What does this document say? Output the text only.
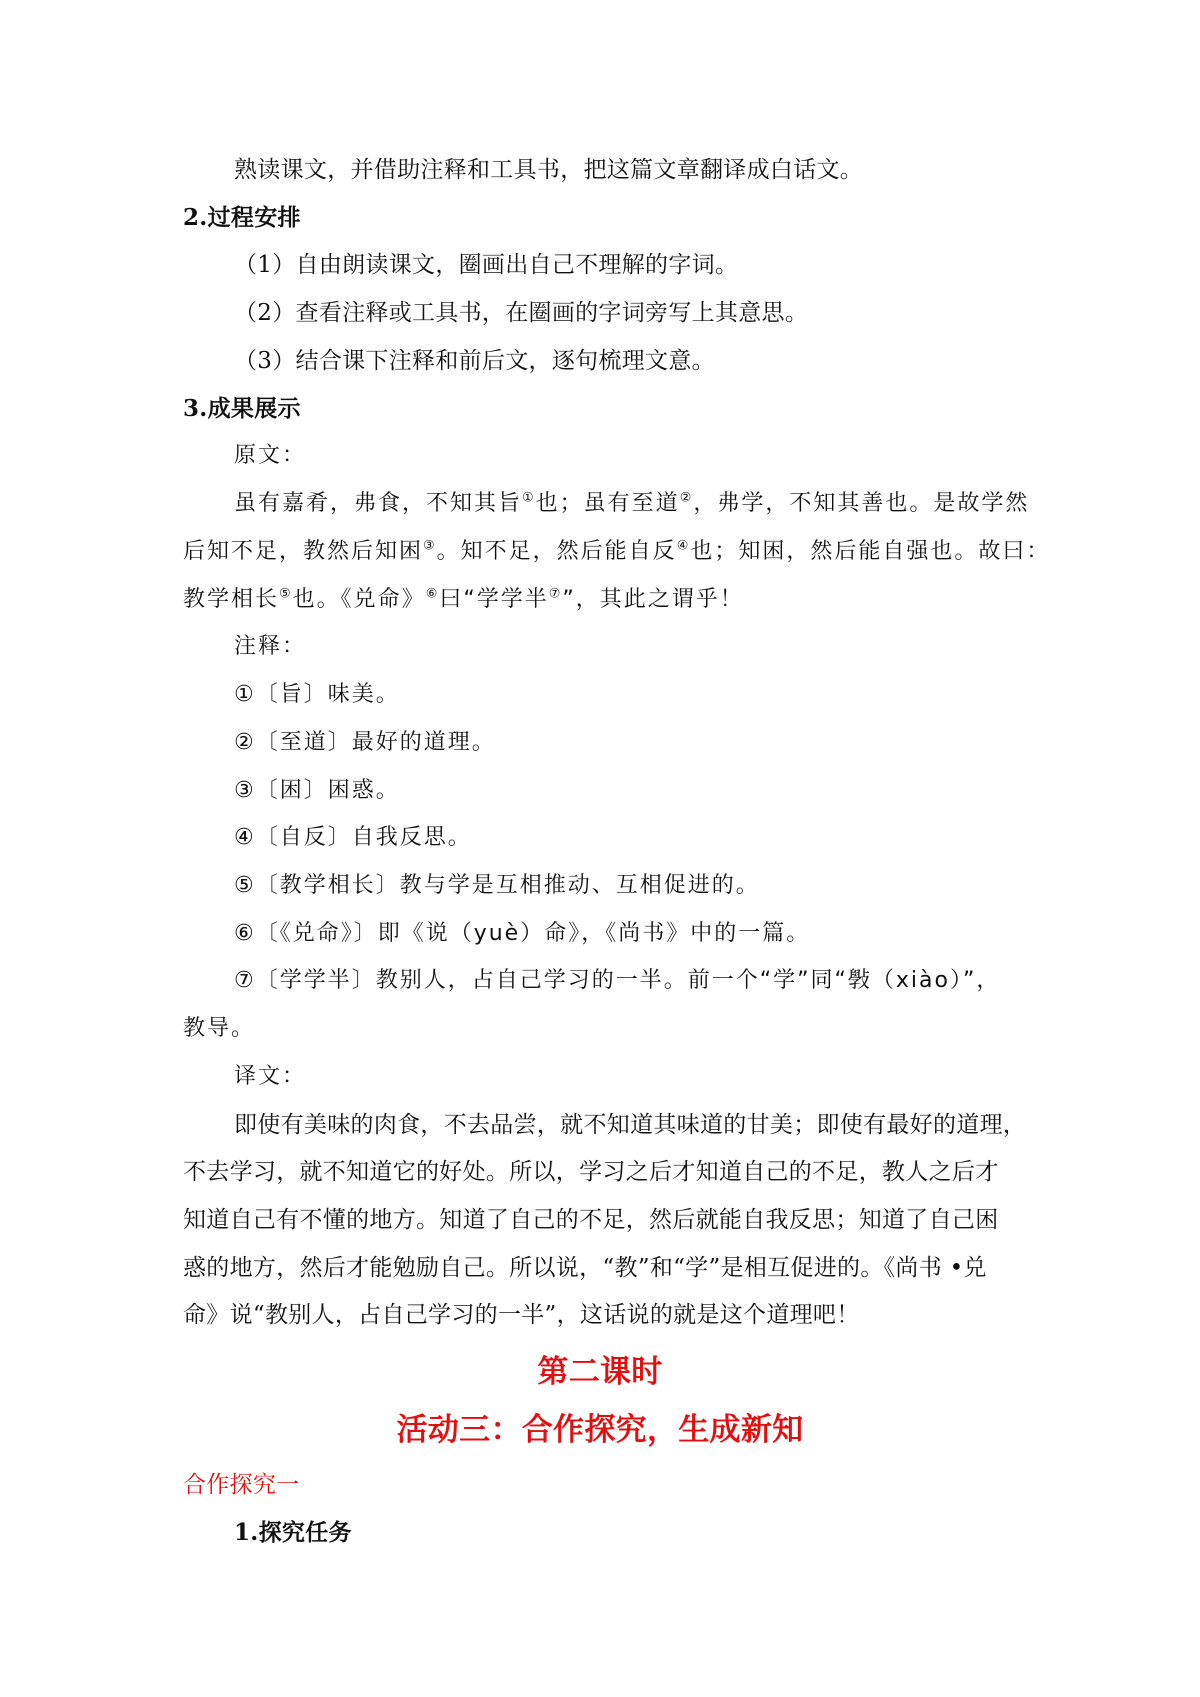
熟读课文，并借助注释和工具书，把这篇文章翻译成白话文。
2.过程安排
（1）自由朗读课文，圈画出自己不理解的字词。
（2）查看注释或工具书，在圈画的字词旁写上其意思。
（3）结合课下注释和前后文，逐句梳理文意。
3.成果展示
原文：
虽有嘉肴，弗食，不知其旨①也；虽有至道②，弗学，不知其善也。是故学然
后知不足，教然后知困③。知不足，然后能自反④也；知困，然后能自强也。故曰：
教学相长⑤也。《兑命》⑥曰“学学半⑦”，其此之谓乎！
注释：
①〔旨〕味美。
②〔至道〕最好的道理。
③〔困〕困惑。
④〔自反〕自我反思。
⑤〔教学相长〕教与学是互相推动、互相促进的。
⑥〔《兑命》〕即《说（yuè）命》，《尚书》中的一篇。
⑦〔学学半〕教别人，占自己学习的一半。前一个“学”同“斅（xiào）”，
教导。
译文：
即使有美味的肉食，不去品尝，就不知道其味道的甘美；即使有最好的道理，
不去学习，就不知道它的好处。所以，学习之后才知道自己的不足，教人之后才
知道自己有不懂的地方。知道了自己的不足，然后就能自我反思；知道了自己困
惑的地方，然后才能勉励自己。所以说，“教”和“学”是相互促进的。《尚书 •兑
命》说“教别人，占自己学习的一半”，这话说的就是这个道理吧！
第二课时
活动三：合作探究，生成新知
合作探究一
1.探究任务
